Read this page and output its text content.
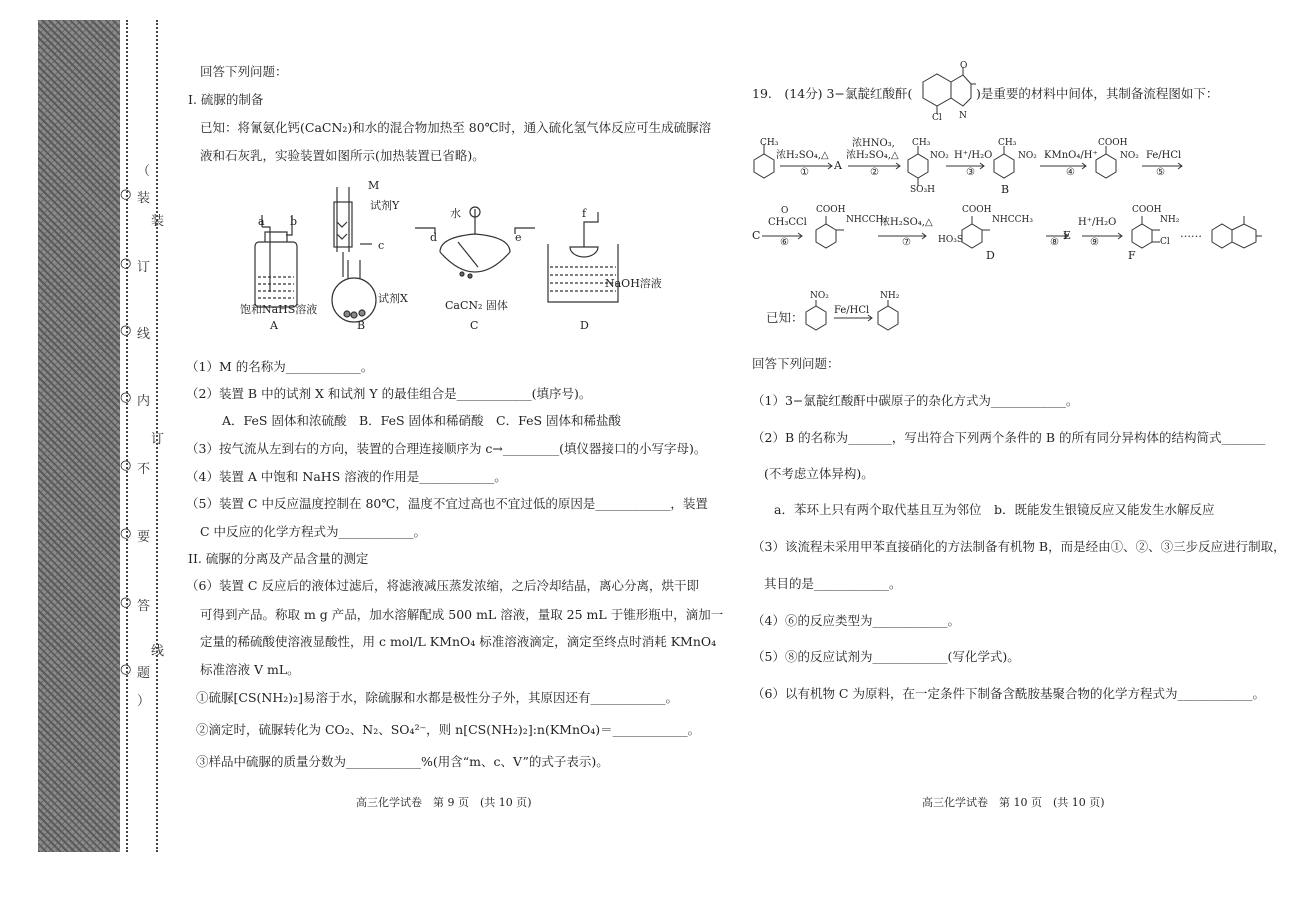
（
○ 装
○ 订
○ 线
○ 内
○ 不
○ 要
○ 答
○ 题
）
装
订
线
回答下列问题：
I. 硫脲的制备
已知：将氰氨化钙(CaCN₂)和水的混合物加热至 80℃时，通入硫化氢气体反应可生成硫脲溶
液和石灰乳，实验装置如图所示(加热装置已省略)。
a b
M
试剂Y
c
试剂X
水
d	e
f
饱和NaHS溶液	CaCN₂ 固体
NaOH溶液
A	B	C	D
（1）M 的名称为____________。
（2）装置 B 中的试剂 X 和试剂 Y 的最佳组合是____________(填序号)。
A．FeS 固体和浓硫酸　B．FeS 固体和稀硝酸　C．FeS 固体和稀盐酸
（3）按气流从左到右的方向，装置的合理连接顺序为 c→_________(填仪器接口的小写字母)。
（4）装置 A 中饱和 NaHS 溶液的作用是____________。
（5）装置 C 中反应温度控制在 80℃，温度不宜过高也不宜过低的原因是____________，装置
C 中反应的化学方程式为____________。
II. 硫脲的分离及产品含量的测定
（6）装置 C 反应后的液体过滤后，将滤液减压蒸发浓缩，之后冷却结晶，离心分离，烘干即
可得到产品。称取 m g 产品，加水溶解配成 500 mL 溶液，量取 25 mL 于锥形瓶中，滴加一
定量的稀硫酸使溶液显酸性，用 c mol/L KMnO₄ 标准溶液滴定，滴定至终点时消耗 KMnO₄
标准溶液 V mL。
①硫脲[CS(NH₂)₂]易溶于水，除硫脲和水都是极性分子外，其原因还有____________。
②滴定时，硫脲转化为 CO₂、N₂、SO₄²⁻，则 n[CS(NH₂)₂]:n(KMnO₄)＝____________。
③样品中硫脲的质量分数为____________%(用含“m、c、V”的式子表示)。
高三化学试卷　第 9 页　(共 10 页)
19.　(14分) 3−氯靛红酸酐(
O
N
Cl
)是重要的材料中间体，其制备流程图如下：
CH₃
浓H₂SO₄,△
①
A
浓HNO₃,
浓H₂SO₄,△
②
CH₃
NO₂
SO₃H
H⁺/H₂O
③
CH₃
NO₂
B
KMnO₄/H⁺
④
COOH
NO₂ Fe/HCl
⑤
C
CH₃CCl
O
⑥
COOH
NHCCH₃
浓H₂SO₄,△
⑦
COOH
NHCCH₃
HO₃S
D
⑧
E
H⁺/H₂O
⑨
COOH
NH₂
Cl
F
……
已知：
NO₂	NH₂
Fe/HCl
回答下列问题：
（1）3−氯靛红酸酐中碳原子的杂化方式为____________。
（2）B 的名称为_______，写出符合下列两个条件的 B 的所有同分异构体的结构简式_______
(不考虑立体异构)。
a．苯环上只有两个取代基且互为邻位　b．既能发生银镜反应又能发生水解反应
（3）该流程未采用甲苯直接硝化的方法制备有机物 B，而是经由①、②、③三步反应进行制取，
其目的是____________。
（4）⑥的反应类型为____________。
（5）⑧的反应试剂为____________(写化学式)。
（6）以有机物 C 为原料，在一定条件下制备含酰胺基聚合物的化学方程式为____________。
高三化学试卷　第 10 页　(共 10 页)
